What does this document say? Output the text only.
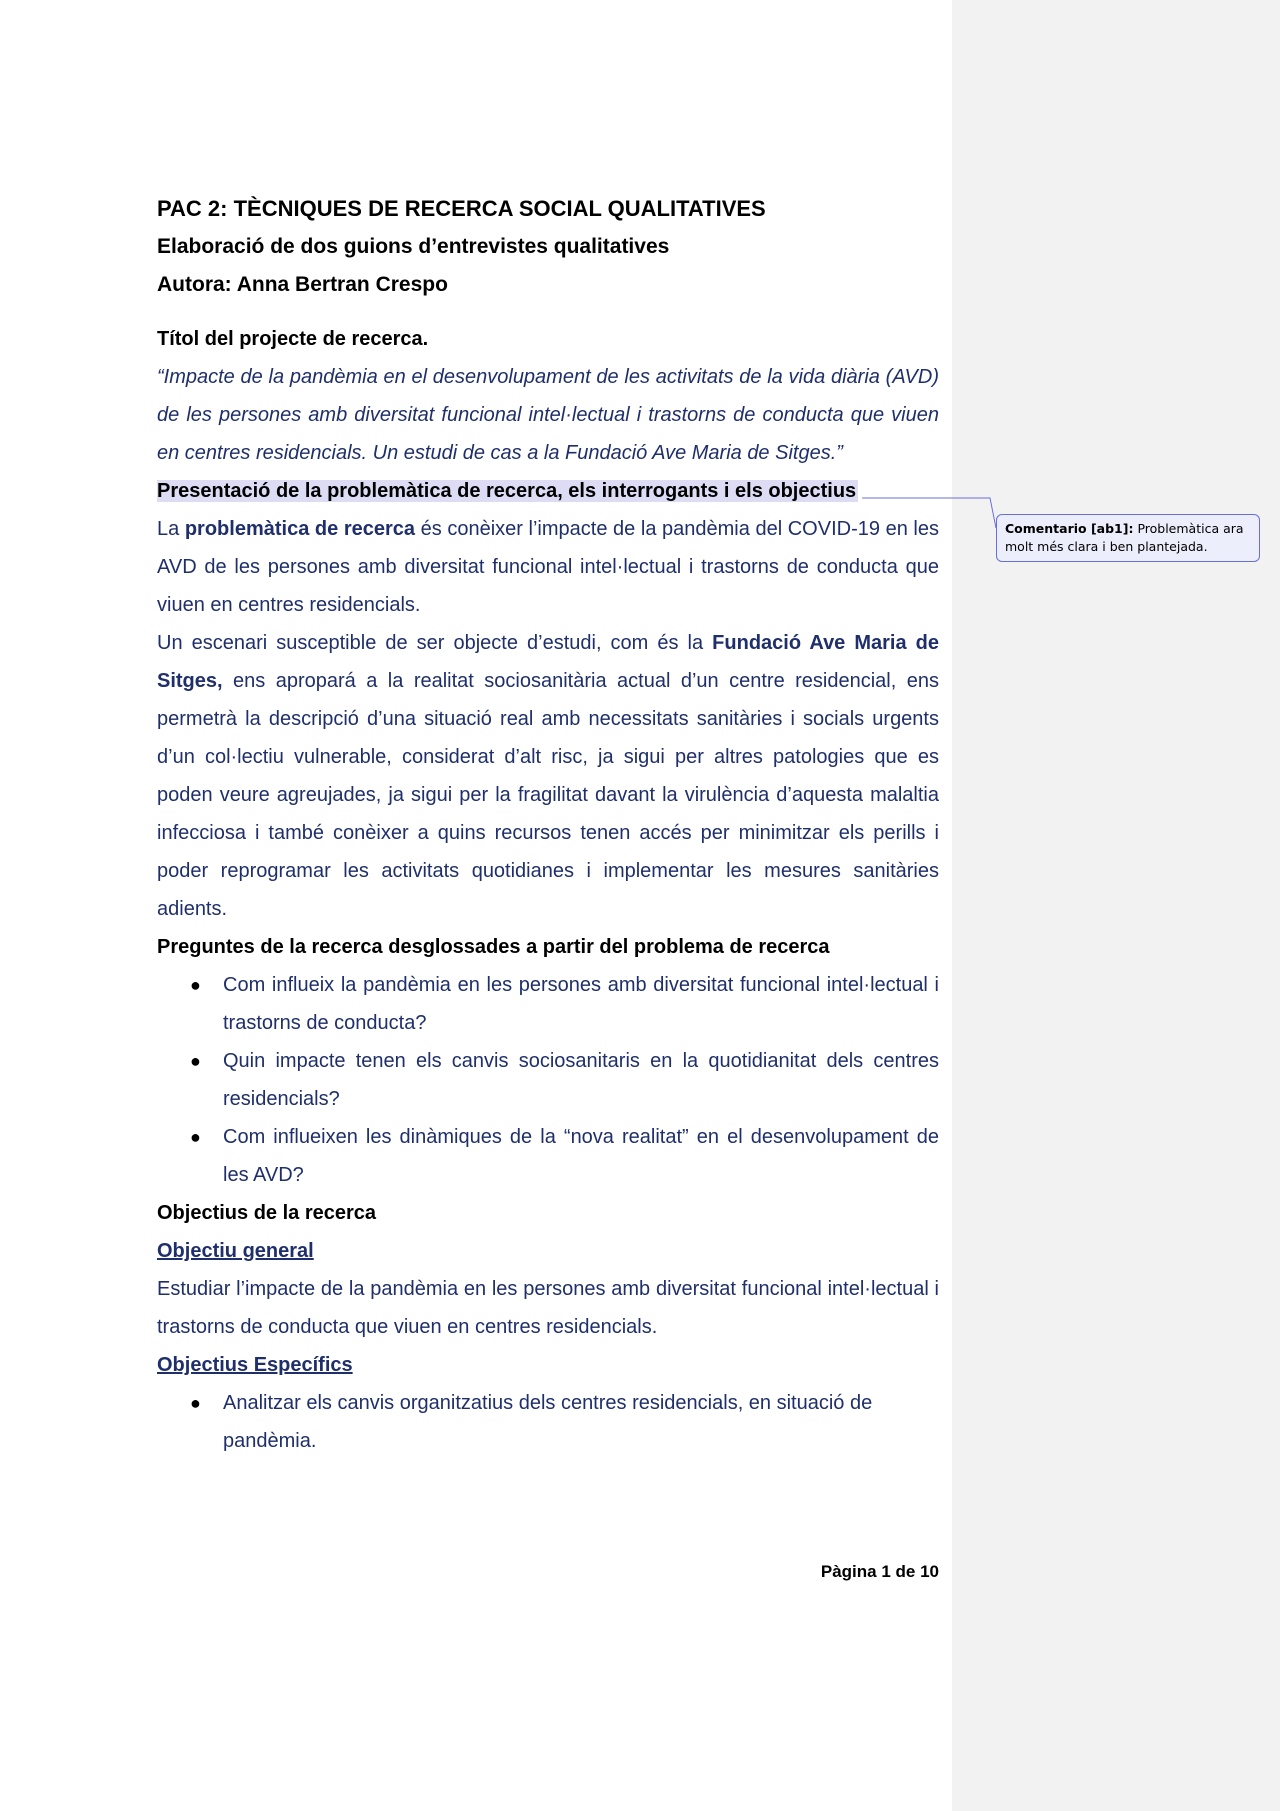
PAC 2: TÈCNIQUES DE RECERCA SOCIAL QUALITATIVES

Elaboració de dos guions d’entrevistes qualitatives

Autora: Anna Bertran Crespo

Títol del projecte de recerca.

“Impacte de la pandèmia en el desenvolupament de les activitats de la vida diària (AVD) de les persones amb diversitat funcional intel·lectual i trastorns de conducta que viuen en centres residencials. Un estudi de cas a la Fundació Ave Maria de Sitges.”

Presentació de la problemàtica de recerca, els interrogants i els objectius

La problemàtica de recerca és conèixer l’impacte de la pandèmia del COVID-19 en les AVD de les persones amb diversitat funcional intel·lectual i trastorns de conducta que viuen en centres residencials.

Un escenari susceptible de ser objecte d’estudi, com és la Fundació Ave Maria de Sitges, ens apropará a la realitat sociosanitària actual d’un centre residencial, ens permetrà la descripció d’una situació real amb necessitats sanitàries i socials urgents d’un col·lectiu vulnerable, considerat d’alt risc, ja sigui per altres patologies que es poden veure agreujades, ja sigui per la fragilitat davant la virulència d’aquesta malaltia infecciosa i també conèixer a quins recursos tenen accés per minimitzar els perills i poder reprogramar les activitats quotidianes i implementar les mesures sanitàries adients.

Preguntes de la recerca desglossades a partir del problema de recerca

● Com influeix la pandèmia en les persones amb diversitat funcional intel·lectual i trastorns de conducta?
● Quin impacte tenen els canvis sociosanitaris en la quotidianitat dels centres residencials?
● Com influeixen les dinàmiques de la “nova realitat” en el desenvolupament de les AVD?

Objectius de la recerca

Objectiu general

Estudiar l’impacte de la pandèmia en les persones amb diversitat funcional intel·lectual i trastorns de conducta que viuen en centres residencials.

Objectius Específics

● Analitzar els canvis organitzatius dels centres residencials, en situació de pandèmia.
Pàgina 1 de 10
Comentario [ab1]: Problemàtica ara molt més clara i ben plantejada.
